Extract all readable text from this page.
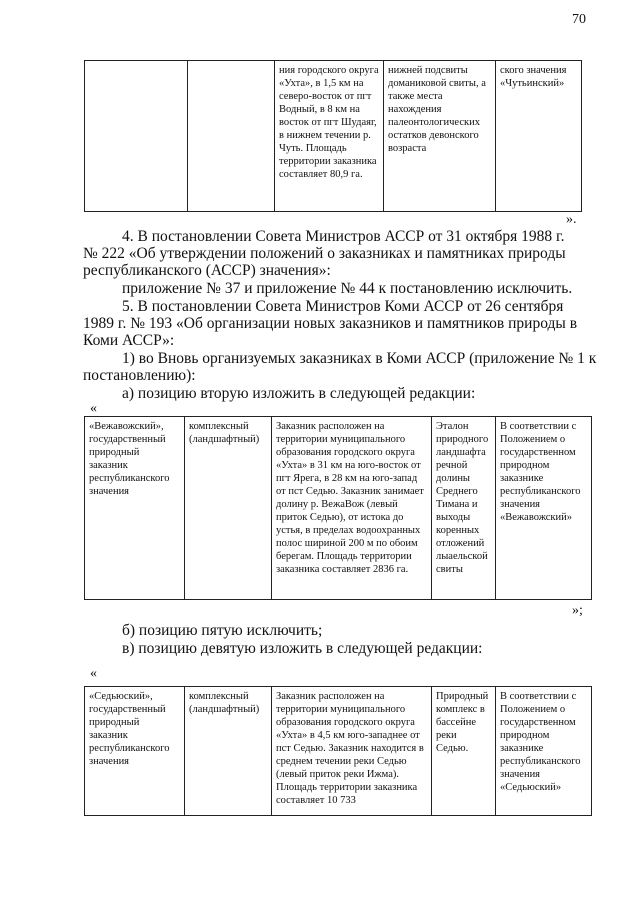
70
		ния городского округа «Ухта», в 1,5 км на северо-восток от пгт Водный, в 8 км на восток от пгт Шудаяг, в нижнем течении р. Чуть. Площадь территории заказника составляет 80,9 га.	нижней подсвиты доманиковой свиты, а также места нахождения палеонтологических остатков девонского возраста	ского значения «Чутьинский»
».
4. В постановлении Совета Министров АССР от 31 октября 1988 г.
№ 222 «Об утверждении положений о заказниках и памятниках природы
республиканского (АССР) значения»:
приложение № 37 и приложение № 44 к постановлению исключить.
5. В постановлении Совета Министров Коми АССР от 26 сентября
1989 г. № 193 «Об организации новых заказников и памятников природы в
Коми АССР»:
1) во Вновь организуемых заказниках в Коми АССР (приложение № 1 к
постановлению):
а) позицию вторую изложить в следующей редакции:
«
«Вежавожский», государственный природный заказник республиканского значения	комплексный (ландшафтный)	Заказник расположен на территории муниципального образования городского округа «Ухта» в 31 км на юго-восток от пгт Ярега, в 28 км на юго-запад от пст Седью. Заказник занимает долину р. ВежаВож (левый приток Седью), от истока до устья, в пределах водоохранных полос шириной 200 м по обоим берегам. Площадь территории заказника составляет 2836 га.	Эталон природного ландшафта речной долины Среднего Тимана и выходы коренных отложений лыаельской свиты	В соответствии с Положением о государственном природном заказнике республиканского значения «Вежавожский»
»;
б) позицию пятую исключить;
в) позицию девятую изложить в следующей редакции:
«
«Седьюский», государственный природный заказник республиканского значения	комплексный (ландшафтный)	Заказник расположен на территории муниципального образования городского округа «Ухта» в 4,5 км юго-западнее от пст Седью. Заказник находится в среднем течении реки Седью (левый приток реки Ижма). Площадь территории заказника составляет 10 733	Природный комплекс в бассейне реки Седью.	В соответствии с Положением о государственном природном заказнике республиканского значения «Седьюский»
